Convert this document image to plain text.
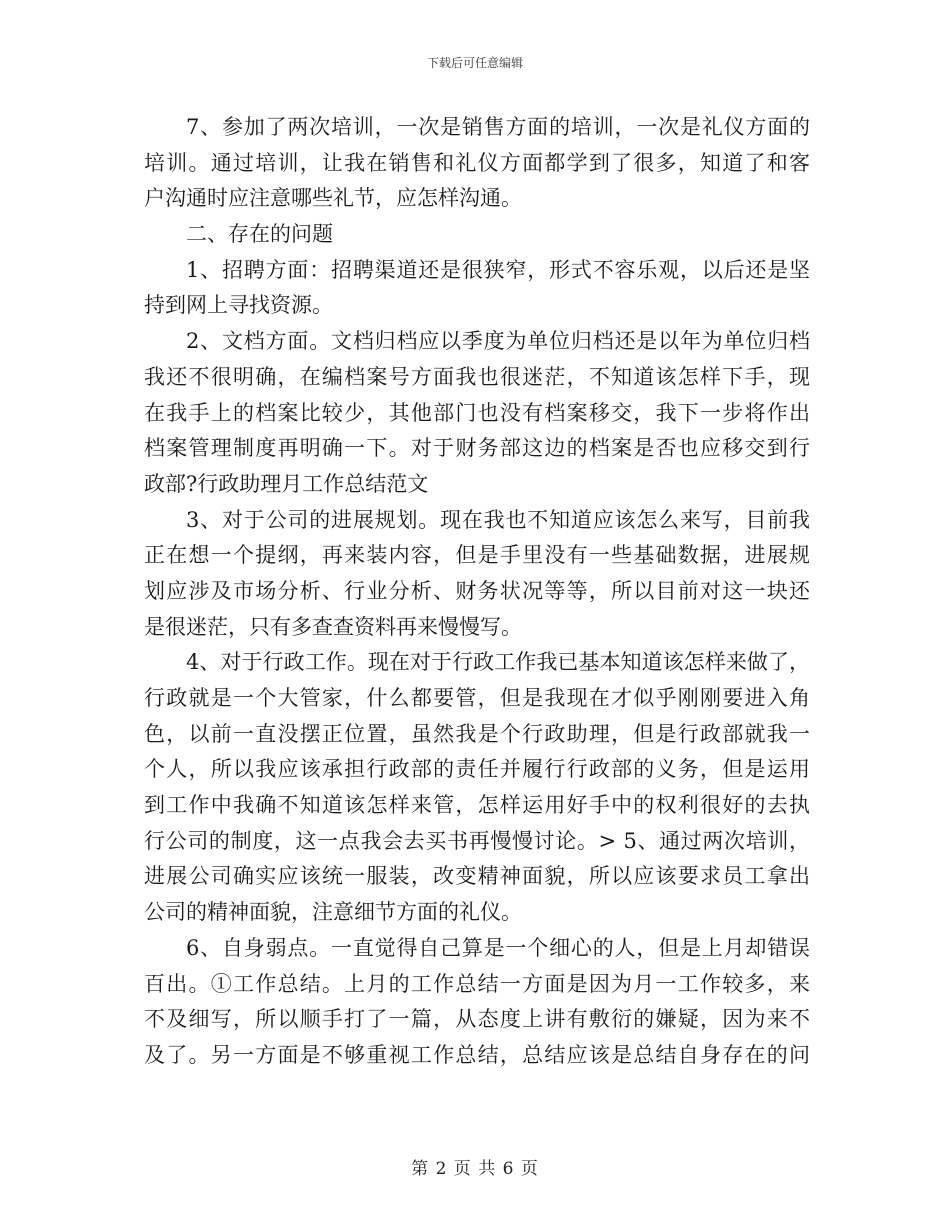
下载后可任意编辑
7、参加了两次培训，一次是销售方面的培训，一次是礼仪方面的
培训。通过培训，让我在销售和礼仪方面都学到了很多，知道了和客
户沟通时应注意哪些礼节，应怎样沟通。
二、存在的问题
1、招聘方面：招聘渠道还是很狭窄，形式不容乐观，以后还是坚
持到网上寻找资源。
2、文档方面。文档归档应以季度为单位归档还是以年为单位归档
我还不很明确，在编档案号方面我也很迷茫，不知道该怎样下手，现
在我手上的档案比较少，其他部门也没有档案移交，我下一步将作出
档案管理制度再明确一下。对于财务部这边的档案是否也应移交到行
政部?行政助理月工作总结范文
3、对于公司的进展规划。现在我也不知道应该怎么来写，目前我
正在想一个提纲，再来装内容，但是手里没有一些基础数据，进展规
划应涉及市场分析、行业分析、财务状况等等，所以目前对这一块还
是很迷茫，只有多查查资料再来慢慢写。
4、对于行政工作。现在对于行政工作我已基本知道该怎样来做了，
行政就是一个大管家，什么都要管，但是我现在才似乎刚刚要进入角
色，以前一直没摆正位置，虽然我是个行政助理，但是行政部就我一
个人，所以我应该承担行政部的责任并履行行政部的义务，但是运用
到工作中我确不知道该怎样来管，怎样运用好手中的权利很好的去执
行公司的制度，这一点我会去买书再慢慢讨论。> 5、通过两次培训，
进展公司确实应该统一服装，改变精神面貌，所以应该要求员工拿出
公司的精神面貌，注意细节方面的礼仪。
6、自身弱点。一直觉得自己算是一个细心的人，但是上月却错误
百出。①工作总结。上月的工作总结一方面是因为月一工作较多，来
不及细写，所以顺手打了一篇，从态度上讲有敷衍的嫌疑，因为来不
及了。另一方面是不够重视工作总结，总结应该是总结自身存在的问
第 2 页 共 6 页
